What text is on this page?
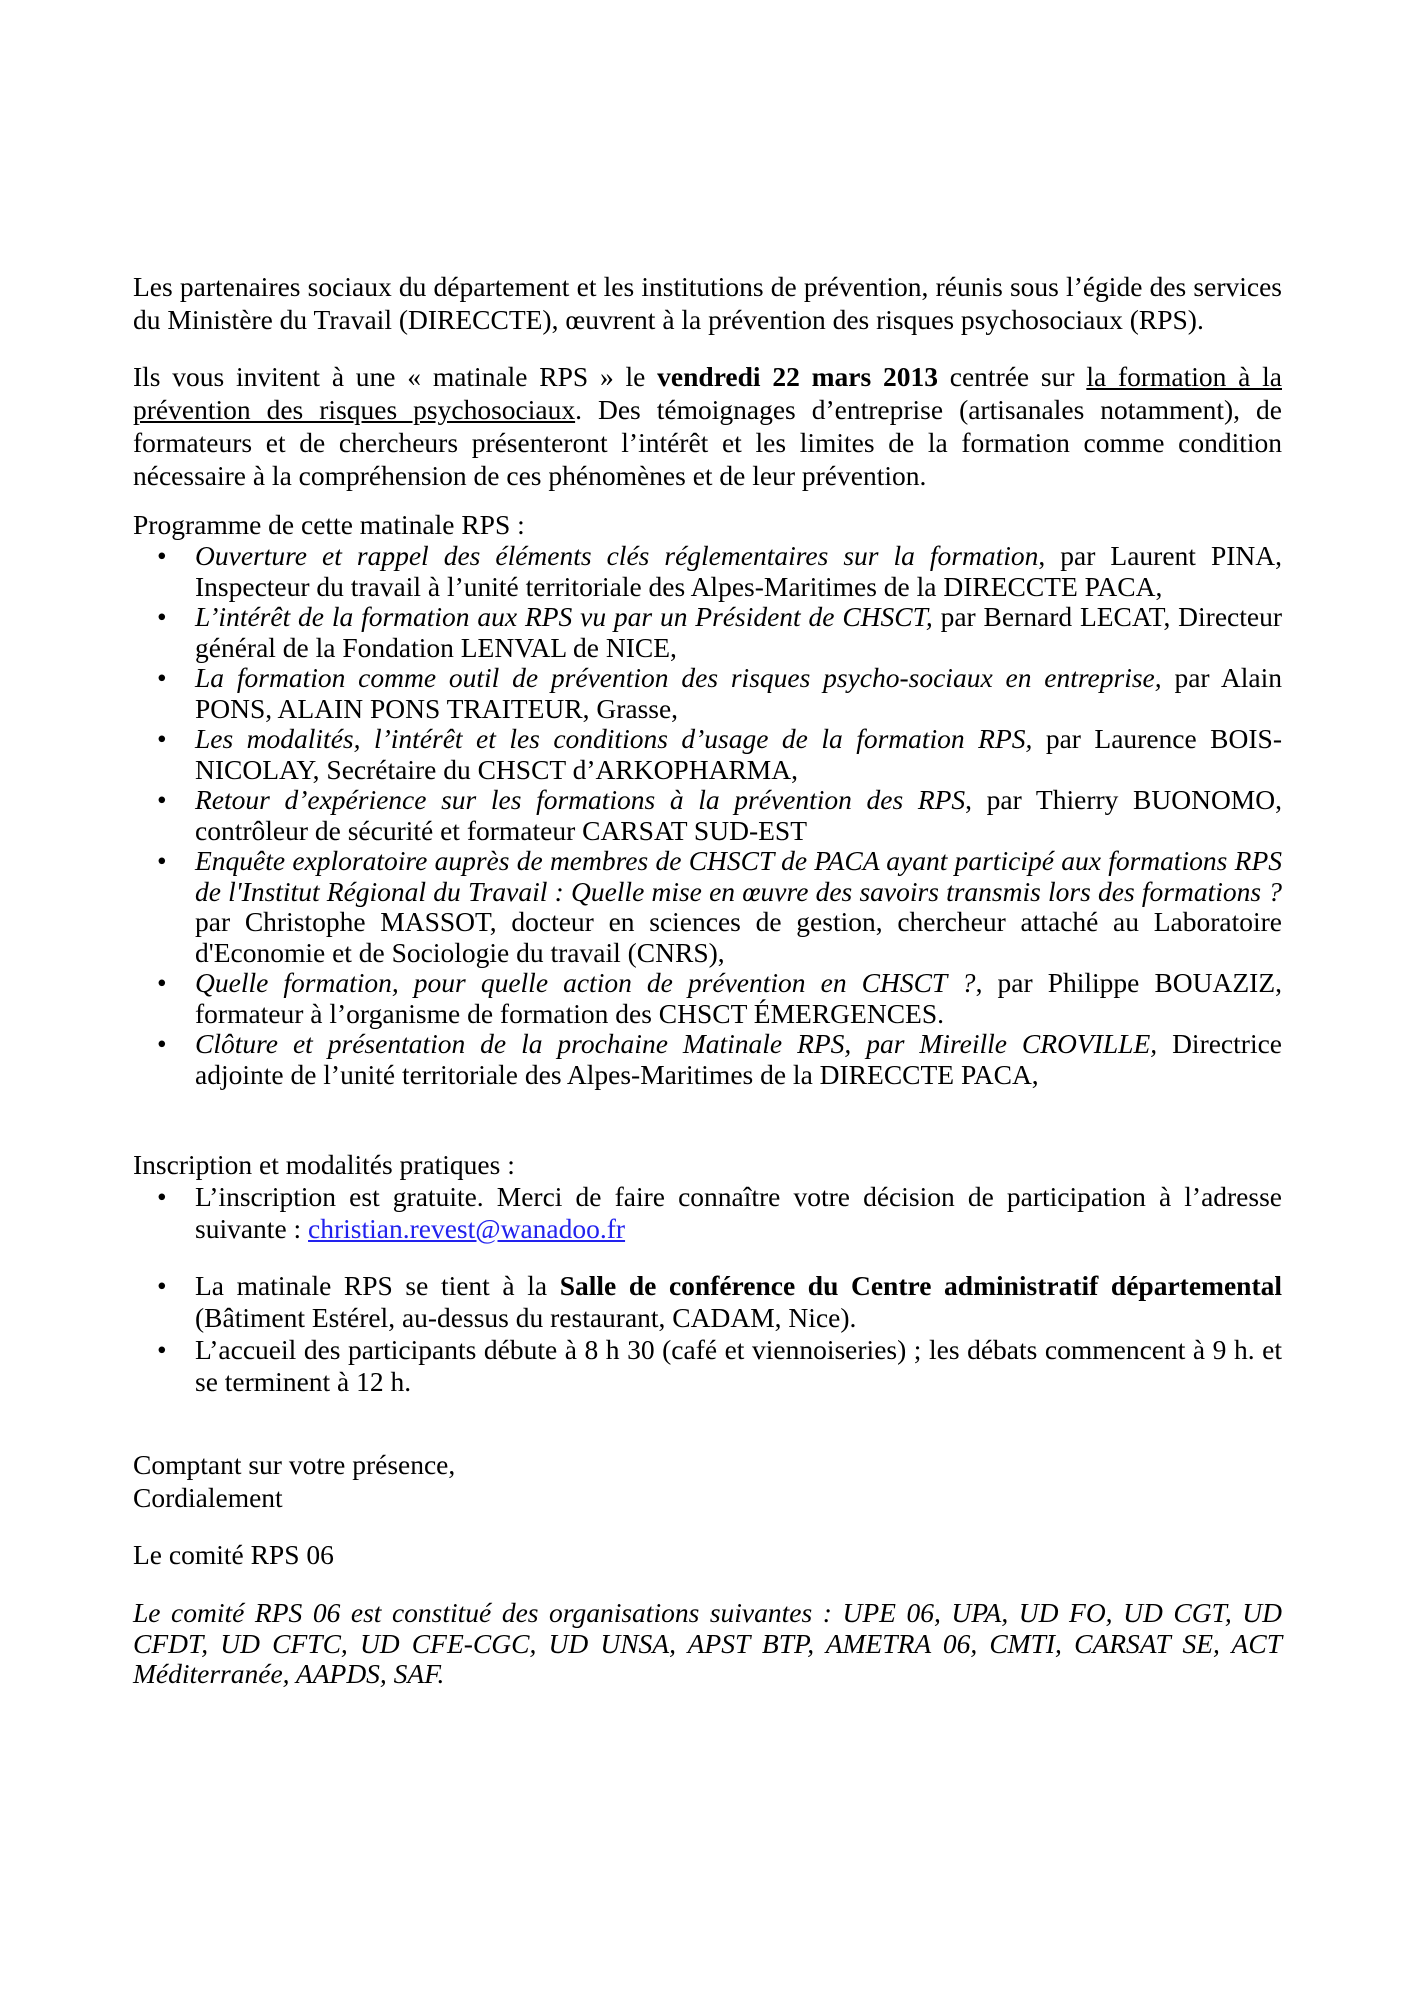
Les partenaires sociaux du département et les institutions de prévention, réunis sous l’égide des services du Ministère du Travail (DIRECCTE), œuvrent à la prévention des risques psychosociaux (RPS).

Ils vous invitent à une « matinale RPS » le vendredi 22 mars 2013 centrée sur la formation à la prévention des risques psychosociaux. Des témoignages d’entreprise (artisanales notamment), de formateurs et de chercheurs présenteront l’intérêt et les limites de la formation comme condition nécessaire à la compréhension de ces phénomènes et de leur prévention.

Programme de cette matinale RPS :

• Ouverture et rappel des éléments clés réglementaires sur la formation, par Laurent PINA, Inspecteur du travail à l’unité territoriale des Alpes-Maritimes de la DIRECCTE PACA,
• L’intérêt de la formation aux RPS vu par un Président de CHSCT, par Bernard LECAT, Directeur général de la Fondation LENVAL de NICE,
• La formation comme outil de prévention des risques psycho-sociaux en entreprise, par Alain PONS, ALAIN PONS TRAITEUR, Grasse,
• Les modalités, l’intérêt et les conditions d’usage de la formation RPS, par Laurence BOIS-NICOLAY, Secrétaire du CHSCT d’ARKOPHARMA,
• Retour d’expérience sur les formations à la prévention des RPS, par Thierry BUONOMO, contrôleur de sécurité et formateur CARSAT SUD-EST
• Enquête exploratoire auprès de membres de CHSCT de PACA ayant participé aux formations RPS de l'Institut Régional du Travail : Quelle mise en œuvre des savoirs transmis lors des formations ? par Christophe MASSOT, docteur en sciences de gestion, chercheur attaché au Laboratoire d'Economie et de Sociologie du travail (CNRS),
• Quelle formation, pour quelle action de prévention en CHSCT ?, par Philippe BOUAZIZ, formateur à l’organisme de formation des CHSCT ÉMERGENCES.
• Clôture et présentation de la prochaine Matinale RPS, par Mireille CROVILLE, Directrice adjointe de l’unité territoriale des Alpes-Maritimes de la DIRECCTE PACA,

Inscription et modalités pratiques :

• L’inscription est gratuite. Merci de faire connaître votre décision de participation à l’adresse suivante : christian.revest@wanadoo.fr
• La matinale RPS se tient à la Salle de conférence du Centre administratif départemental (Bâtiment Estérel, au-dessus du restaurant, CADAM, Nice).
• L’accueil des participants débute à 8 h 30 (café et viennoiseries) ; les débats commencent à 9 h. et se terminent à 12 h.

Comptant sur votre présence,
Cordialement

Le comité RPS 06

Le comité RPS 06 est constitué des organisations suivantes : UPE 06, UPA, UD FO, UD CGT, UD CFDT, UD CFTC, UD CFE-CGC, UD UNSA, APST BTP, AMETRA 06, CMTI, CARSAT SE, ACT Méditerranée, AAPDS, SAF.
